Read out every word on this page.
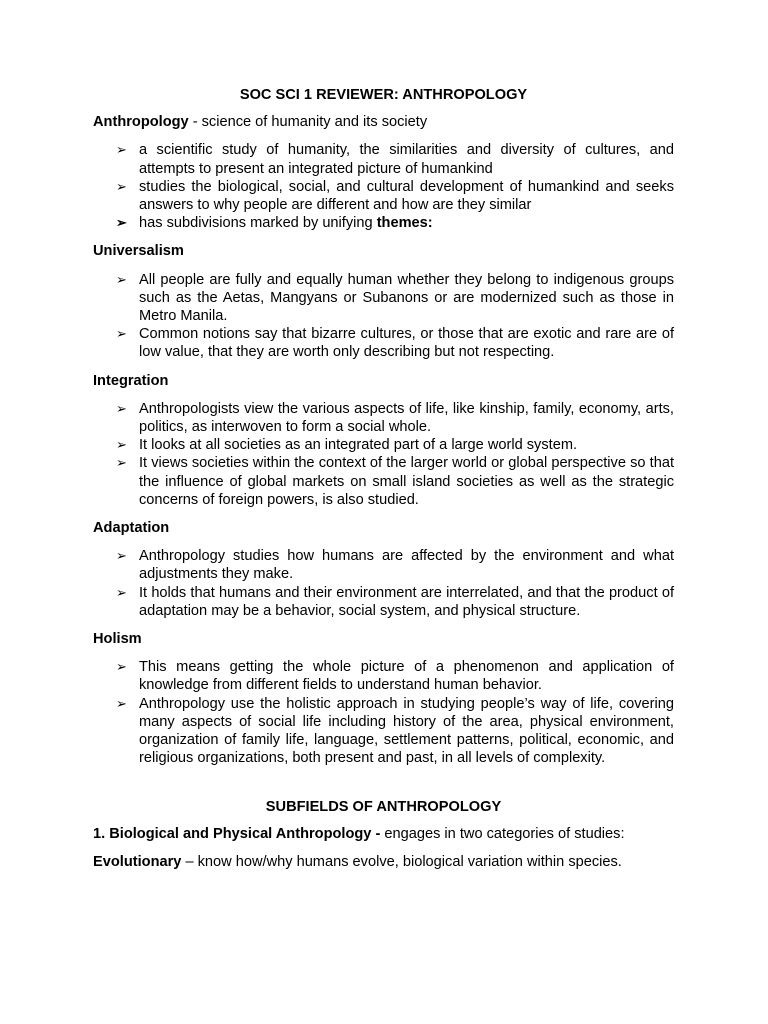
SOC SCI 1 REVIEWER: ANTHROPOLOGY
Anthropology - science of humanity and its society
➢ a scientific study of humanity, the similarities and diversity of cultures, and attempts to present an integrated picture of humankind
➢ studies the biological, social, and cultural development of humankind and seeks answers to why people are different and how are they similar
➢ has subdivisions marked by unifying themes:
Universalism
➢ All people are fully and equally human whether they belong to indigenous groups such as the Aetas, Mangyans or Subanons or are modernized such as those in Metro Manila.
➢ Common notions say that bizarre cultures, or those that are exotic and rare are of low value, that they are worth only describing but not respecting.
Integration
➢ Anthropologists view the various aspects of life, like kinship, family, economy, arts, politics, as interwoven to form a social whole.
➢ It looks at all societies as an integrated part of a large world system.
➢ It views societies within the context of the larger world or global perspective so that the influence of global markets on small island societies as well as the strategic concerns of foreign powers, is also studied.
Adaptation
➢ Anthropology studies how humans are affected by the environment and what adjustments they make.
➢ It holds that humans and their environment are interrelated, and that the product of adaptation may be a behavior, social system, and physical structure.
Holism
➢ This means getting the whole picture of a phenomenon and application of knowledge from different fields to understand human behavior.
➢ Anthropology use the holistic approach in studying people’s way of life, covering many aspects of social life including history of the area, physical environment, organization of family life, language, settlement patterns, political, economic, and religious organizations, both present and past, in all levels of complexity.
SUBFIELDS OF ANTHROPOLOGY
1. Biological and Physical Anthropology - engages in two categories of studies:
Evolutionary – know how/why humans evolve, biological variation within species.
